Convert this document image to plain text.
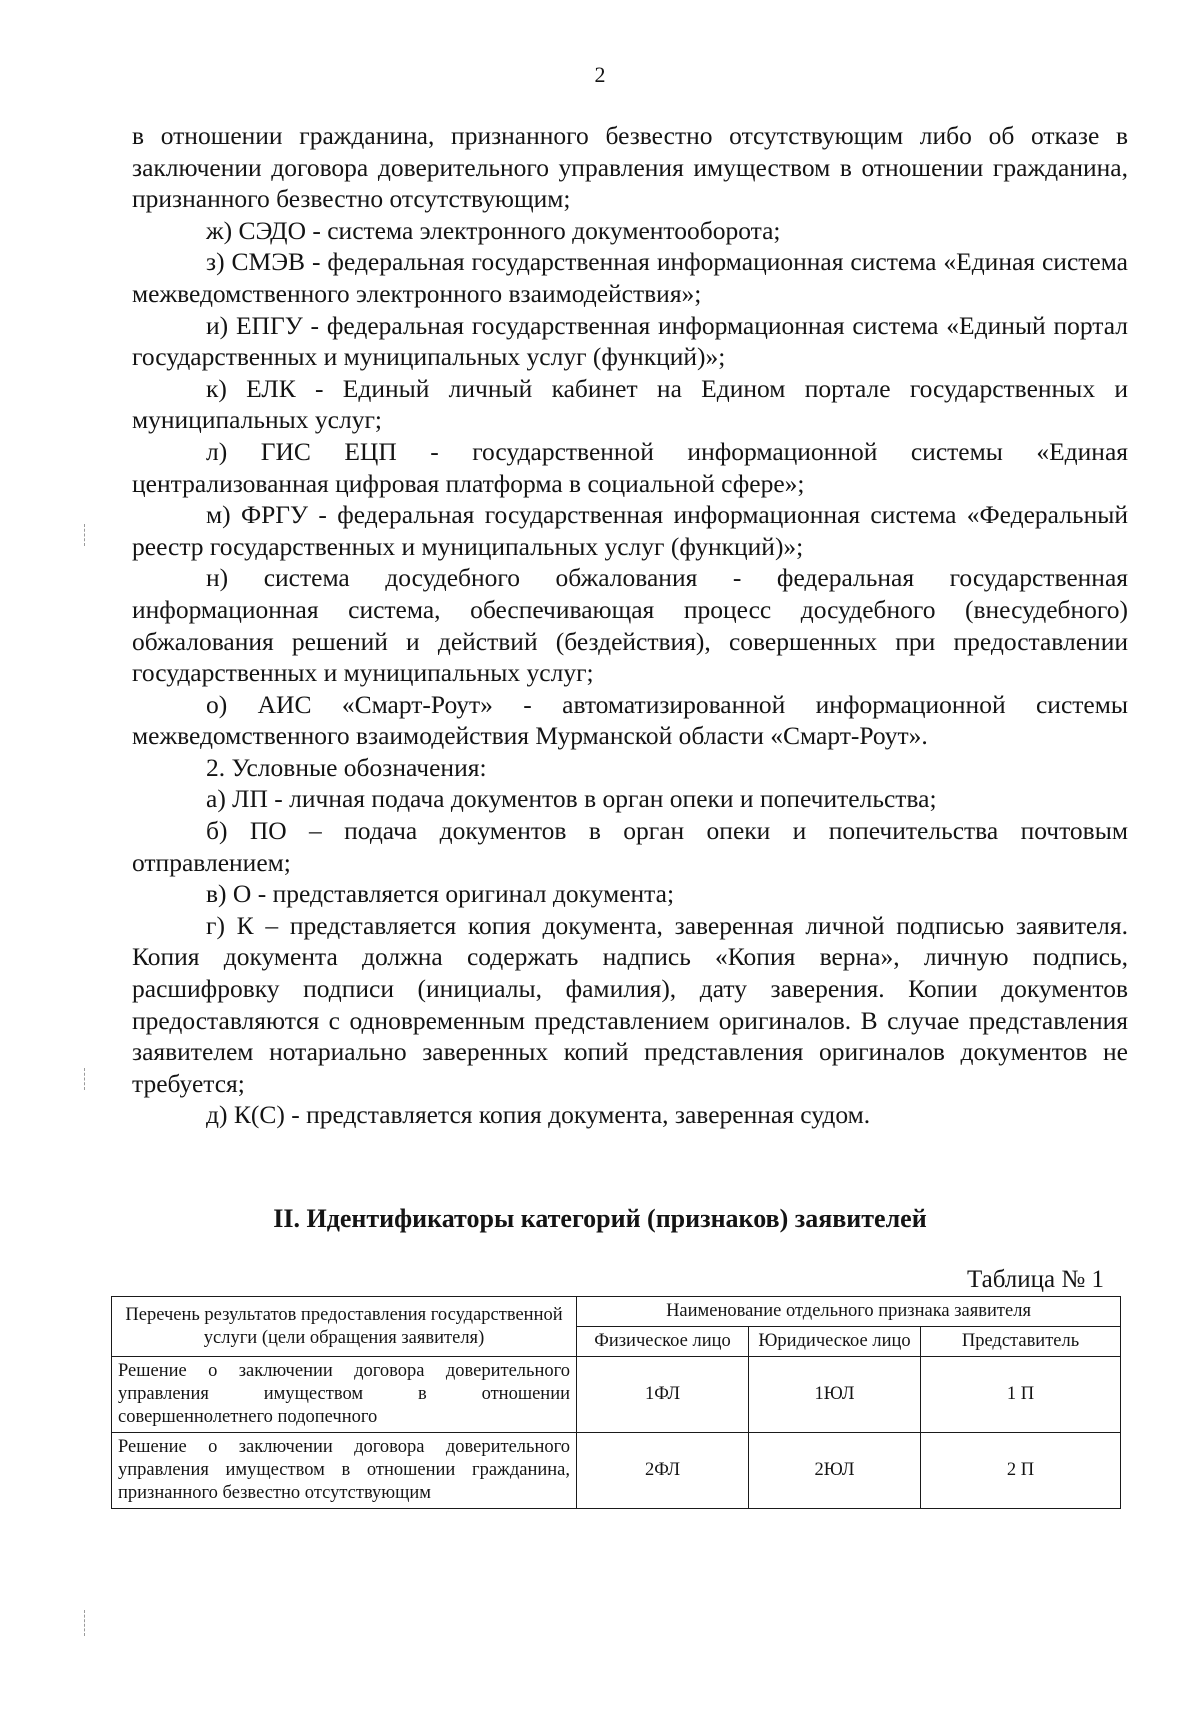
2

в отношении гражданина, признанного безвестно отсутствующим либо об отказе в заключении договора доверительного управления имуществом в отношении гражданина, признанного безвестно отсутствующим;

ж) СЭДО - система электронного документооборота;

з) СМЭВ - федеральная государственная информационная система «Единая система межведомственного электронного взаимодействия»;

и) ЕПГУ - федеральная государственная информационная система «Единый портал государственных и муниципальных услуг (функций)»;

к) ЕЛК - Единый личный кабинет на Едином портале государственных и муниципальных услуг;

л) ГИС ЕЦП - государственной информационной системы «Единая централизованная цифровая платформа в социальной сфере»;

м) ФРГУ - федеральная государственная информационная система «Федеральный реестр государственных и муниципальных услуг (функций)»;

н) система досудебного обжалования - федеральная государственная информационная система, обеспечивающая процесс досудебного (внесудебного) обжалования решений и действий (бездействия), совершенных при предоставлении государственных и муниципальных услуг;

о) АИС «Смарт-Роут» - автоматизированной информационной системы межведомственного взаимодействия Мурманской области «Смарт-Роут».

2. Условные обозначения:

а) ЛП - личная подача документов в орган опеки и попечительства;

б) ПО – подача документов в орган опеки и попечительства почтовым отправлением;

в) О - представляется оригинал документа;

г) К – представляется копия документа, заверенная личной подписью заявителя. Копия документа должна содержать надпись «Копия верна», личную подпись, расшифровку подписи (инициалы, фамилия), дату заверения. Копии документов предоставляются с одновременным представлением оригиналов. В случае представления заявителем нотариально заверенных копий представления оригиналов документов не требуется;

д) К(С) - представляется копия документа, заверенная судом.

II. Идентификаторы категорий (признаков) заявителей
Таблица № 1
Перечень результатов предоставления государственной услуги (цели обращения заявителя)	Наименование отдельного признака заявителя		
	Физическое лицо	Юридическое лицо	Представитель
Решение о заключении договора доверительного управления имуществом в отношении совершеннолетнего подопечного	1ФЛ	1ЮЛ	1 П
Решение о заключении договора доверительного управления имуществом в отношении гражданина, признанного безвестно отсутствующим	2ФЛ	2ЮЛ	2 П
